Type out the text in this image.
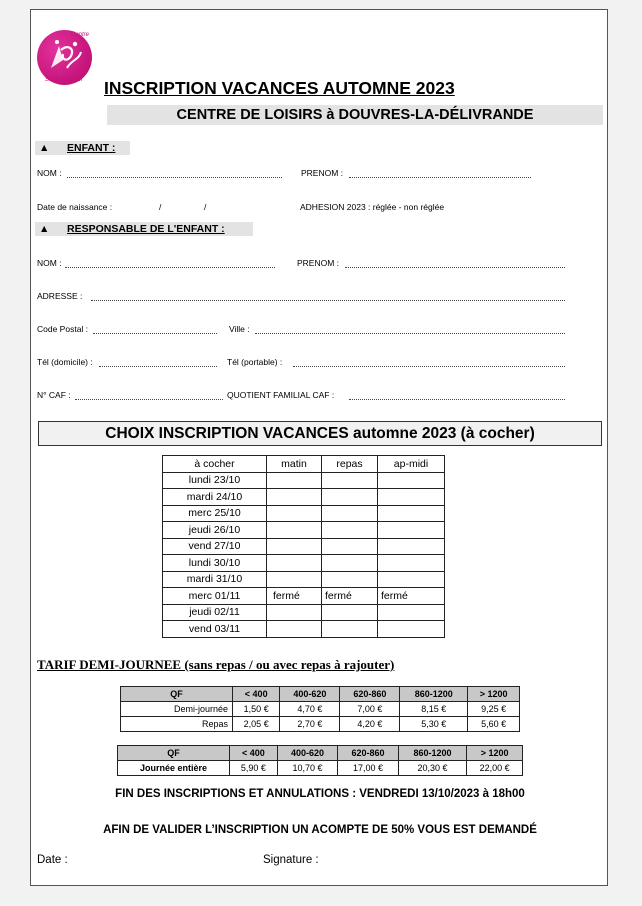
Centre
Socio Culturel INSCRIPTION VACANCES AUTOMNE 2023
CENTRE DE LOISIRS à DOUVRES-LA-DÉLIVRANDE
▲ ENFANT :
NOM :	PRENOM :
Date de naissance :	/	/	ADHESION 2023 : réglée - non réglée
▲ RESPONSABLE DE L'ENFANT :
NOM :	PRENOM :
ADRESSE :
Code Postal :	Ville :
Tél (domicile) :	Tél (portable) :
N° CAF :	QUOTIENT FAMILIAL CAF :
CHOIX INSCRIPTION VACANCES automne 2023 (à cocher)
à cocher	matin	repas	ap-midi
lundi 23/10			
mardi 24/10			
merc 25/10			
jeudi 26/10			
vend 27/10			
lundi 30/10			
mardi 31/10			
merc 01/11	fermé	fermé	fermé
jeudi 02/11			
vend 03/11			
TARIF DEMI-JOURNEE (sans repas / ou avec repas à rajouter)
QF	< 400	400-620	620-860	860-1200	> 1200
Demi-journée	1,50 €	4,70 €	7,00 €	8,15 €	9,25 €
Repas	2,05 €	2,70 €	4,20 €	5,30 €	5,60 €
QF	< 400	400-620	620-860	860-1200	> 1200
Journée entière	5,90 €	10,70 €	17,00 €	20,30 €	22,00 €
FIN DES INSCRIPTIONS ET ANNULATIONS : VENDREDI 13/10/2023 à 18h00
AFIN DE VALIDER L’INSCRIPTION UN ACOMPTE DE 50% VOUS EST DEMANDÉ
Date :	Signature :
